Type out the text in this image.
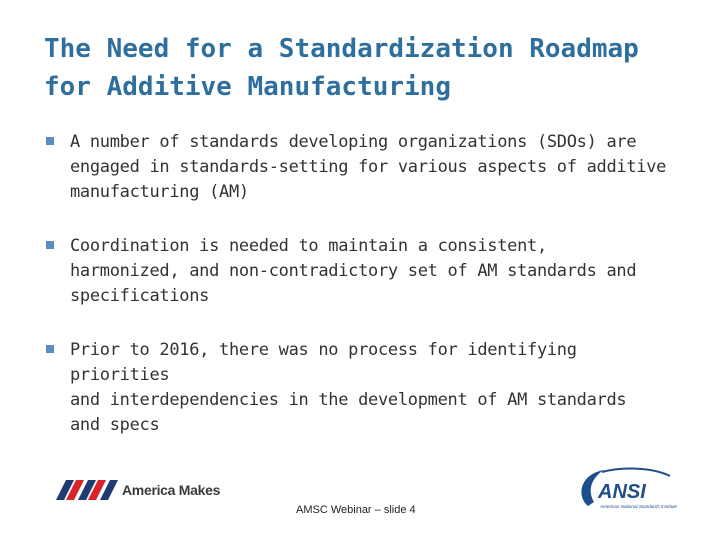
The Need for a Standardization Roadmap
for Additive Manufacturing
A number of standards developing organizations (SDOs) are
engaged in standards-setting for various aspects of additive
manufacturing (AM)
Coordination is needed to maintain a consistent,
harmonized, and non-contradictory set of AM standards and
specifications
Prior to 2016, there was no process for identifying priorities
and interdependencies in the development of AM standards
and specs
America Makes
AMSC Webinar – slide 4
ANSI
American National Standards Institute
